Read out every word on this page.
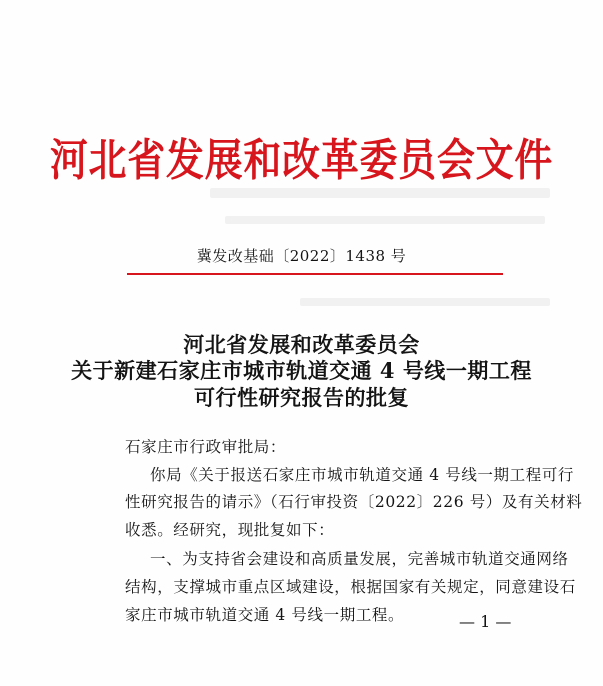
河北省发展和改革委员会文件
冀发改基础〔2022〕1438 号
河北省发展和改革委员会
关于新建石家庄市城市轨道交通 4 号线一期工程
可行性研究报告的批复
石家庄市行政审批局：
你局《关于报送石家庄市城市轨道交通 4 号线一期工程可行
性研究报告的请示》（石行审投资〔2022〕226 号）及有关材料
收悉。经研究，现批复如下：
一、为支持省会建设和高质量发展，完善城市轨道交通网络
结构，支撑城市重点区域建设，根据国家有关规定，同意建设石
家庄市城市轨道交通 4 号线一期工程。	— 1 —
